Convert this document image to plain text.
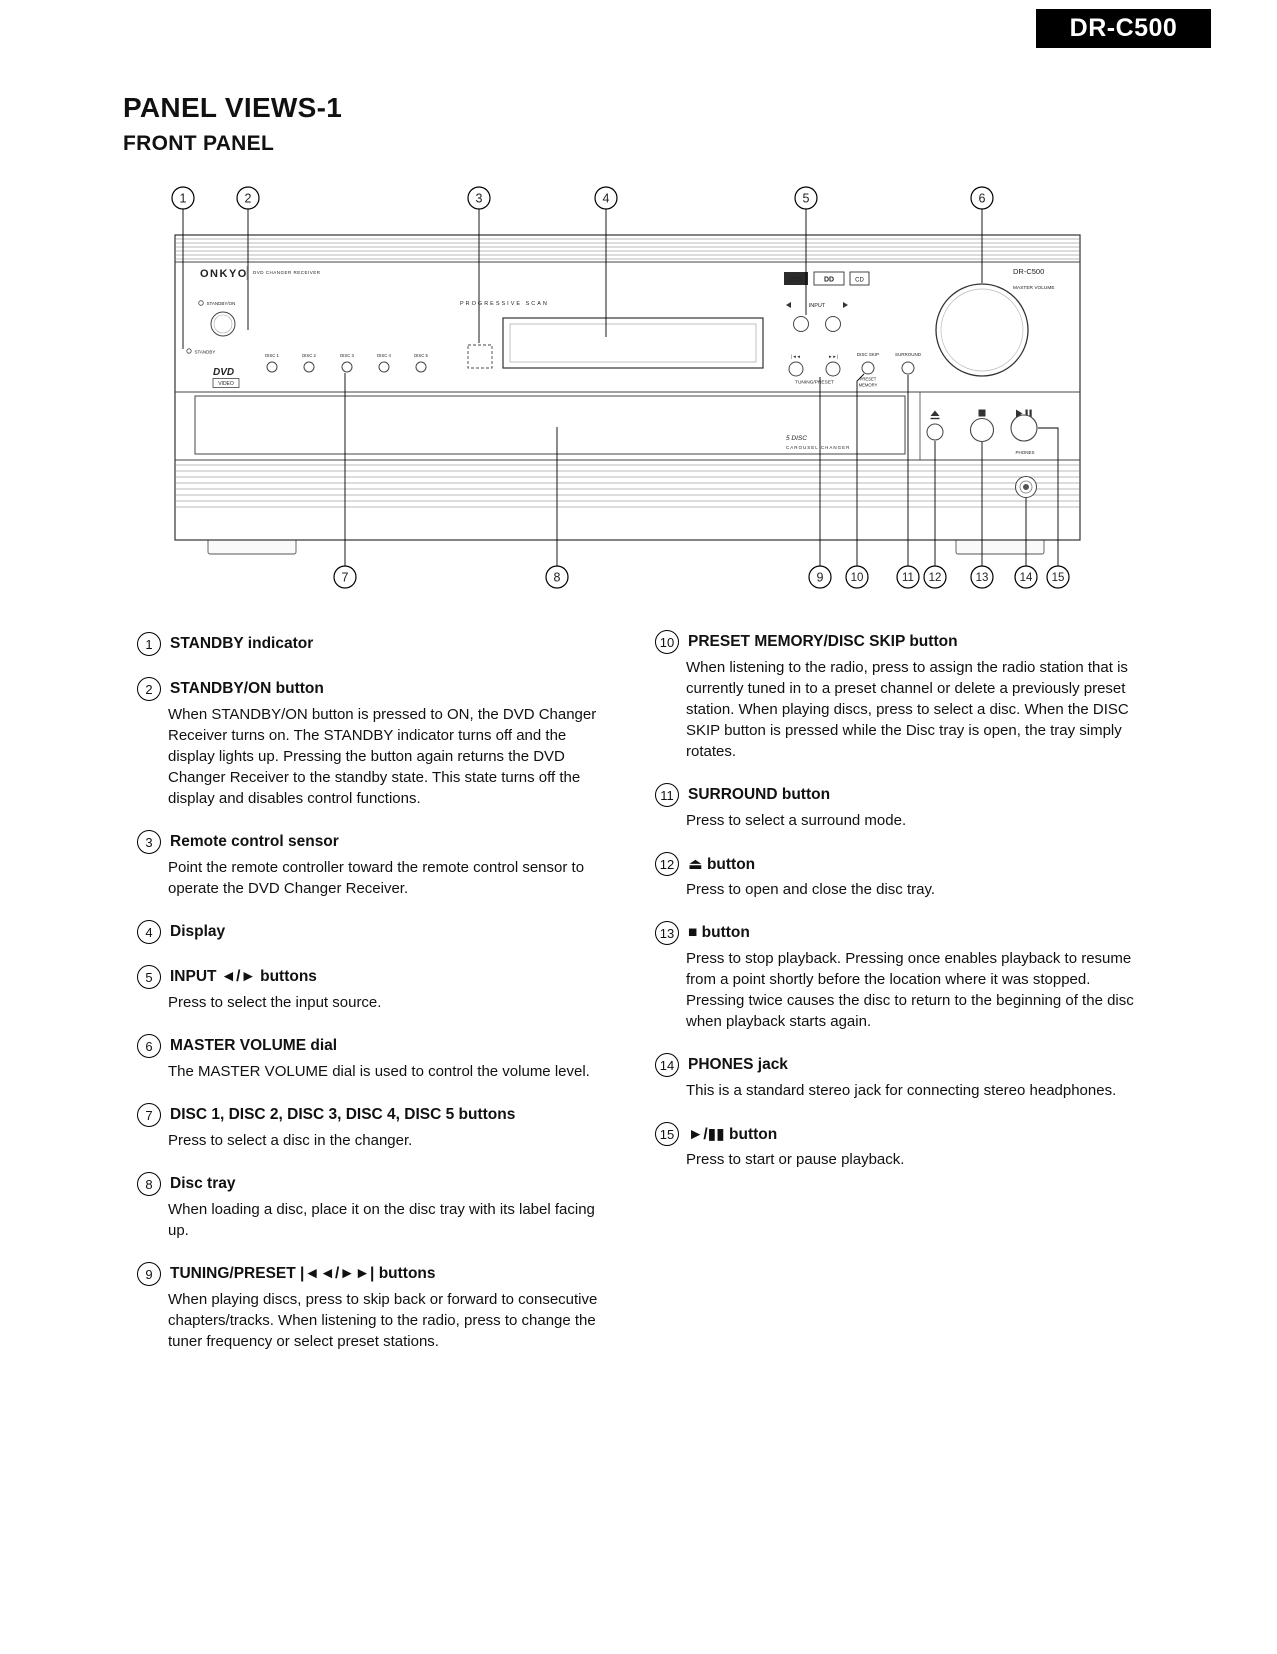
DR-C500
PANEL VIEWS-1
FRONT PANEL
5 DISC
CAROUSEL CHANGER
ONKYO DVD CHANGER RECEIVER
STANDBY/ON
STANDBY
DVD
VIDEO
DISC 1	DISC 2	DISC 3	DISC 4	DISC 5
PROGRESSIVE SCAN
DTS	DD	CD
DR-C500
MASTER VOLUME
INPUT
|◄◄	►►|
TUNING/PRESET
DISC SKIP
PRESET
MEMORY
SURROUND
PHONES
1	2	3	4	5	6
7	8	9 10	11 12	13	14 15
1	STANDBY indicator

2	STANDBY/ON button

When STANDBY/ON button is pressed to ON, the DVD Changer Receiver turns on. The STANDBY indicator turns off and the display lights up. Pressing the button again returns the DVD Changer Receiver to the standby state. This state turns off the display and disables control functions.

3	Remote control sensor

Point the remote controller toward the remote control sensor to operate the DVD Changer Receiver.

4	Display

5	INPUT ◄/► buttons

Press to select the input source.

6	MASTER VOLUME dial

The MASTER VOLUME dial is used to control the volume level.

7	DISC 1, DISC 2, DISC 3, DISC 4, DISC 5 buttons

Press to select a disc in the changer.

8	Disc tray

When loading a disc, place it on the disc tray with its label facing up.

9	TUNING/PRESET |◄◄/►►| buttons

When playing discs, press to skip back or forward to consecutive chapters/tracks. When listening to the radio, press to change the tuner frequency or select preset stations.

10 PRESET MEMORY/DISC SKIP button

When listening to the radio, press to assign the radio station that is currently tuned in to a preset channel or delete a previously preset station. When playing discs, press to select a disc. When the DISC SKIP button is pressed while the Disc tray is open, the tray simply rotates.

11 SURROUND button

Press to select a surround mode.

12 ⏏ button

Press to open and close the disc tray.

13 ■ button

Press to stop playback. Pressing once enables playback to resume from a point shortly before the location where it was stopped. Pressing twice causes the disc to return to the beginning of the disc when playback starts again.

14 PHONES jack

This is a standard stereo jack for connecting stereo headphones.

15 ►/▮▮ button

Press to start or pause playback.
